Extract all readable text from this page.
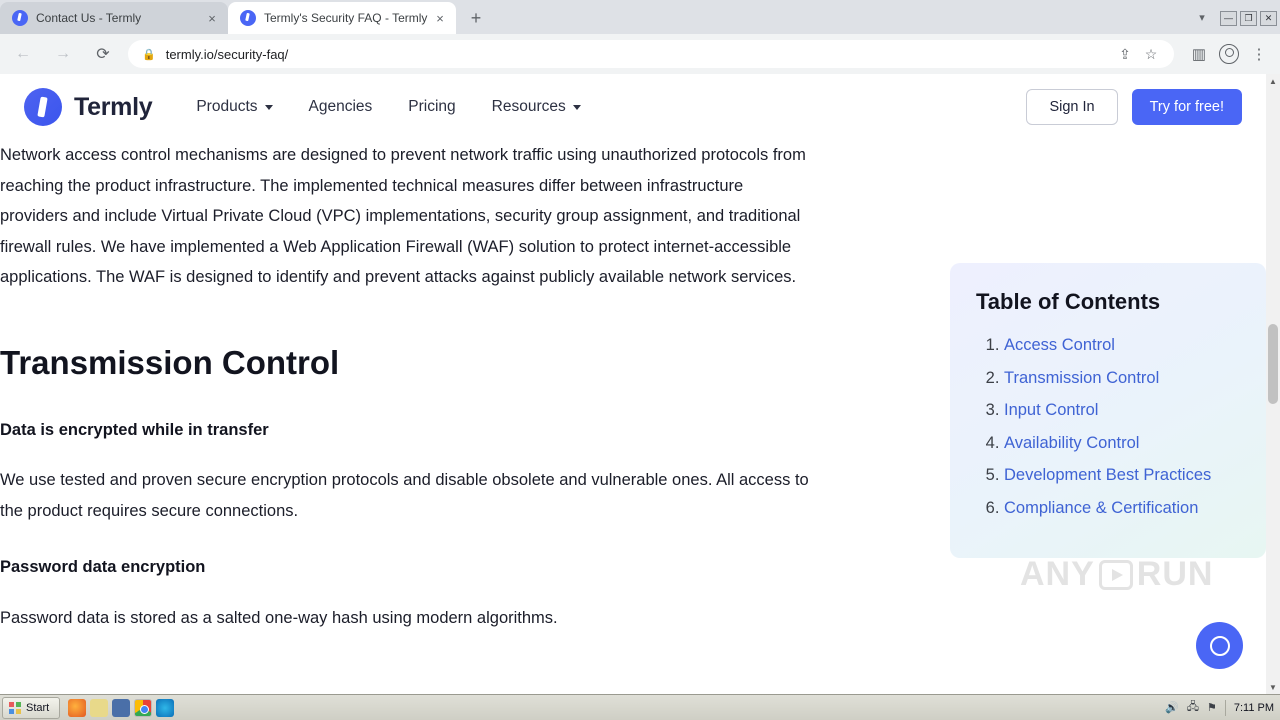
Contact Us - Termly	×	Termly's Security FAQ - Termly ×	+	▾	—	❐	✕
←	→	⟳	🔒 termly.io/security-faq/	⇪ ☆	▥	⋮
Termly	Products	Agencies Pricing Resources	Sign In	Try for free!

Network access control mechanisms are designed to prevent network traffic using unauthorized protocols from reaching the product infrastructure. The implemented technical measures differ between infrastructure providers and include Virtual Private Cloud (VPC) implementations, security group assignment, and traditional firewall rules. We have implemented a Web Application Firewall (WAF) solution to protect internet-accessible applications. The WAF is designed to identify and prevent attacks against publicly available network services.

Transmission Control
Data is encrypted while in transfer

We use tested and proven secure encryption protocols and disable obsolete and vulnerable ones. All access to the product requires secure connections.

Password data encryption

Password data is stored as a salted one-way hash using modern algorithms.

Table of Contents
1. Access Control
2. Transmission Control
3. Input Control
4. Availability Control
5. Development Best Practices
6. Compliance & Certification
ANY RUN
▲
▼
Start	🔊 🖧 ⚑ 7:11 PM
